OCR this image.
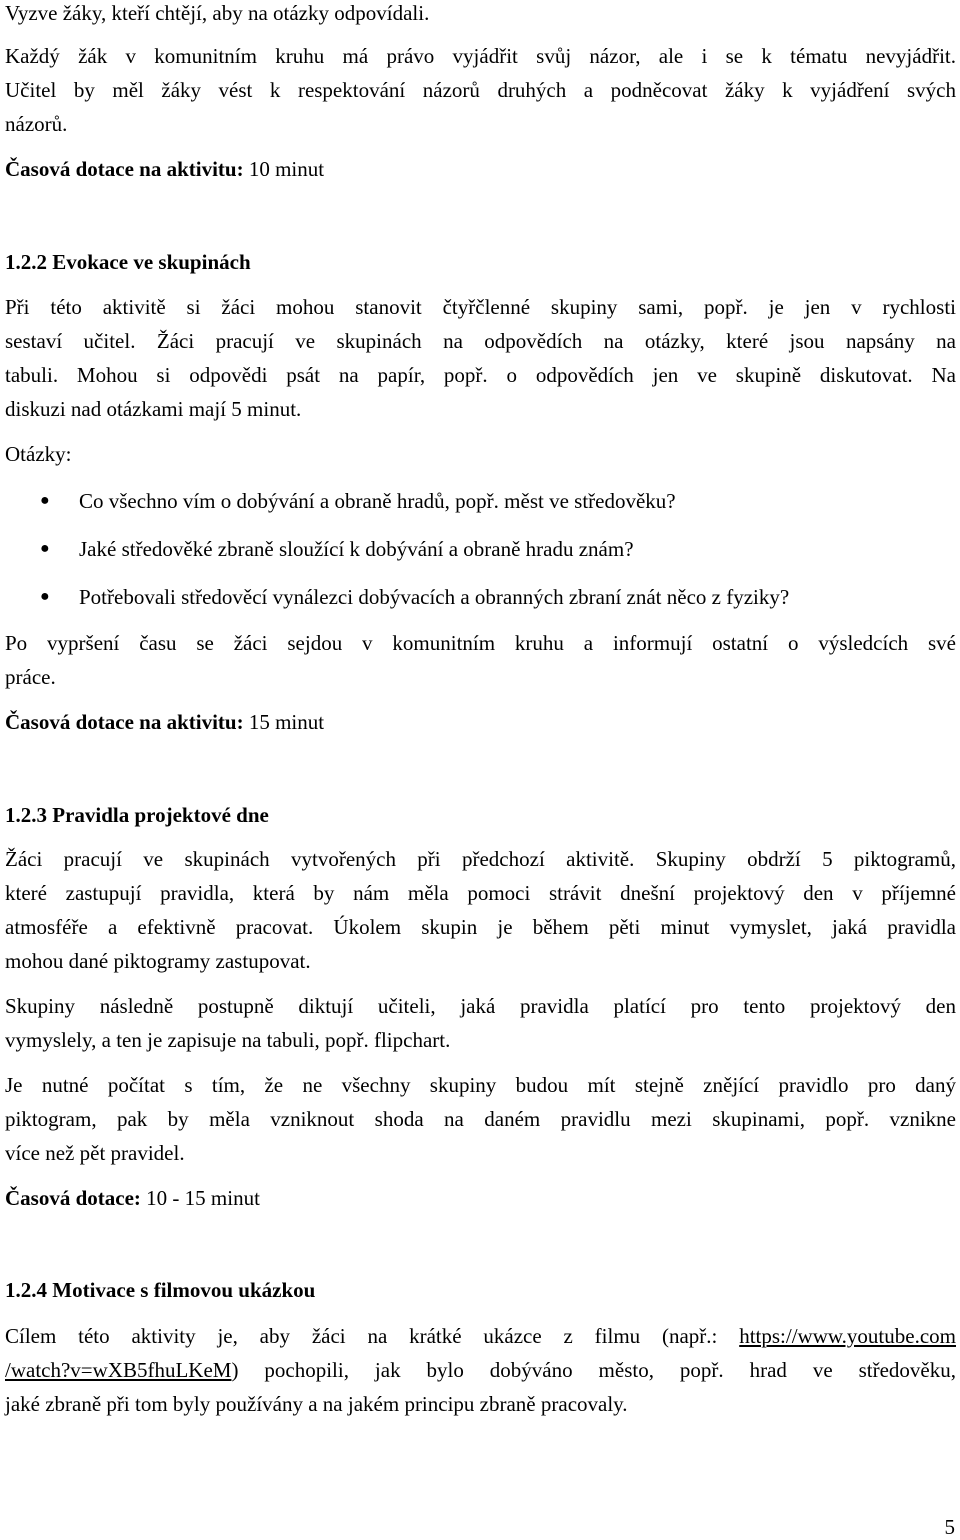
Vyzve žáky, kteří chtějí, aby na otázky odpovídali.
Každý žák v komunitním kruhu má právo vyjádřit svůj názor, ale i se k tématu nevyjádřit.
Učitel by měl žáky vést k respektování názorů druhých a podněcovat žáky k vyjádření svých
názorů.
Časová dotace na aktivitu: 10 minut
1.2.2 Evokace ve skupinách
Při této aktivitě si žáci mohou stanovit čtyřčlenné skupiny sami, popř. je jen v rychlosti
sestaví učitel. Žáci pracují ve skupinách na odpovědích na otázky, které jsou napsány na
tabuli. Mohou si odpovědi psát na papír, popř. o odpovědích jen ve skupině diskutovat. Na
diskuzi nad otázkami mají 5 minut.
Otázky:
● Co všechno vím o dobývání a obraně hradů, popř. měst ve středověku?
● Jaké středověké zbraně sloužící k dobývání a obraně hradu znám?
● Potřebovali středověcí vynálezci dobývacích a obranných zbraní znát něco z fyziky?
Po vypršení času se žáci sejdou v komunitním kruhu a informují ostatní o výsledcích své
práce.
Časová dotace na aktivitu: 15 minut
1.2.3 Pravidla projektové dne
Žáci pracují ve skupinách vytvořených při předchozí aktivitě. Skupiny obdrží 5 piktogramů,
které zastupují pravidla, která by nám měla pomoci strávit dnešní projektový den v příjemné
atmosféře a efektivně pracovat. Úkolem skupin je během pěti minut vymyslet, jaká pravidla
mohou dané piktogramy zastupovat.
Skupiny následně postupně diktují učiteli, jaká pravidla platící pro tento projektový den
vymyslely, a ten je zapisuje na tabuli, popř. flipchart.
Je nutné počítat s tím, že ne všechny skupiny budou mít stejně znějící pravidlo pro daný
piktogram, pak by měla vzniknout shoda na daném pravidlu mezi skupinami, popř. vznikne
více než pět pravidel.
Časová dotace: 10 - 15 minut
1.2.4 Motivace s filmovou ukázkou
Cílem této aktivity je, aby žáci na krátké ukázce z filmu (např.: https://www.youtube.com
/watch?v=wXB5fhuLKeM) pochopili, jak bylo dobýváno město, popř. hrad ve středověku,
jaké zbraně při tom byly používány a na jakém principu zbraně pracovaly.
5
